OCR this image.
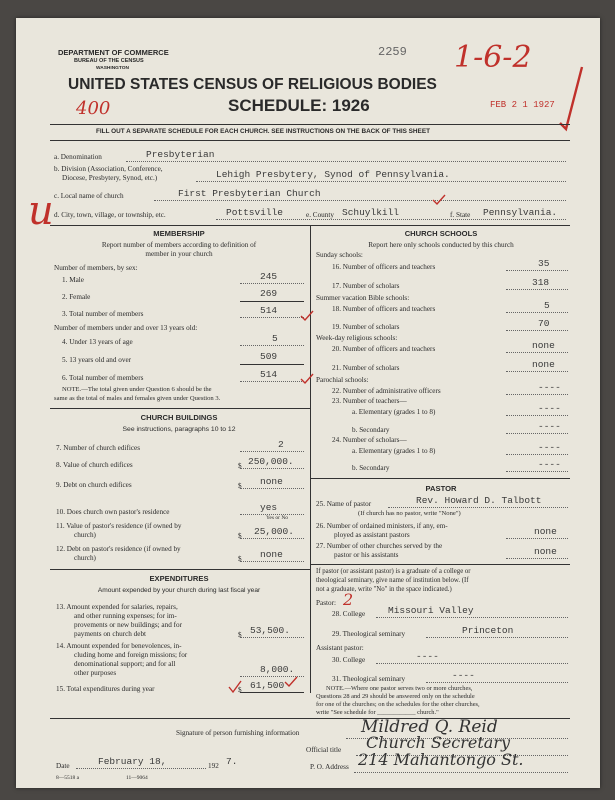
DEPARTMENT OF COMMERCE
BUREAU OF THE CENSUS
WASHINGTON
2259 1-6-2
UNITED STATES CENSUS OF RELIGIOUS BODIES
SCHEDULE: 1926
400	FEB 2 1 1927
FILL OUT A SEPARATE SCHEDULE FOR EACH CHURCH. SEE INSTRUCTIONS ON THE BACK OF THIS SHEET
a. Denomination	Presbyterian
b. Division (Association, Conference,
Diocese, Presbytery, Synod, etc.)	Lehigh Presbytery, Synod of Pennsylvania.
c. Local name of church	First Presbyterian Church
u d. City, town, village, or township, etc.	Pottsville	e. County Schuylkill	f. State Pennsylvania.
MEMBERSHIP
Report number of members according to definition of
member in your church
Number of members, by sex:
1. Male	245
2. Female	269
3. Total number of members	514
Number of members under and over 13 years old:
4. Under 13 years of age	5
5. 13 years old and over	509
6. Total number of members	514
NOTE.—The total given under Question 6 should be the
same as the total of males and females given under Question 3.
CHURCH BUILDINGS
See instructions, paragraphs 10 to 12
7. Number of church edifices	2
8. Value of church edifices	$ 250,000.
9. Debt on church edifices	$ none
10. Does church own pastor's residence	yes
Yes or No
11. Value of pastor's residence (if owned by
church)	$ 25,000.
12. Debt on pastor's residence (if owned by
church)	$ none
EXPENDITURES
Amount expended by your church during last fiscal year
13. Amount expended for salaries, repairs,
and other running expenses; for im-
provements or new buildings; and for
payments on church debt	$ 53,500.
14. Amount expended for benevolences, in-
cluding home and foreign missions; for
denominational support; and for all
other purposes	8,000.
15. Total expenditures during year	$ 61,500
CHURCH SCHOOLS
Report here only schools conducted by this church
Sunday schools:
16. Number of officers and teachers	35
17. Number of scholars	318
Summer vacation Bible schools:
18. Number of officers and teachers	5
19. Number of scholars	70
Week-day religious schools:
20. Number of officers and teachers	none
21. Number of scholars	none
Parochial schools:
22. Number of administrative officers	----
23. Number of teachers—
a. Elementary (grades 1 to 8)	----
b. Secondary	----
24. Number of scholars—
a. Elementary (grades 1 to 8)	----
b. Secondary	----
PASTOR
25. Name of pastor	Rev. Howard D. Talbott
(If church has no pastor, write "None")
26. Number of ordained ministers, if any, em-
ployed as assistant pastors	none
27. Number of other churches served by the
pastor or his assistants	none
If pastor (or assistant pastor) is a graduate of a college or
theological seminary, give name of institution below. (If
not a graduate, write "No" in the space indicated.)
Pastor: 2
28. College Missouri Valley
29. Theological seminary	Princeton
Assistant pastor:
30. College	----
31. Theological seminary	----
NOTE.—Where one pastor serves two or more churches,
Questions 28 and 29 should be answered only on the schedule
for one of the churches; on the schedules for the other churches,
write "See schedule for ____________ church."
Signature of person furnishing information	Mildred Q. Reid
Official title Church Secretary
Date	February 18,	192 7.	P. O. Address 214 Mahantongo St.
8—5518 a	11—9064
